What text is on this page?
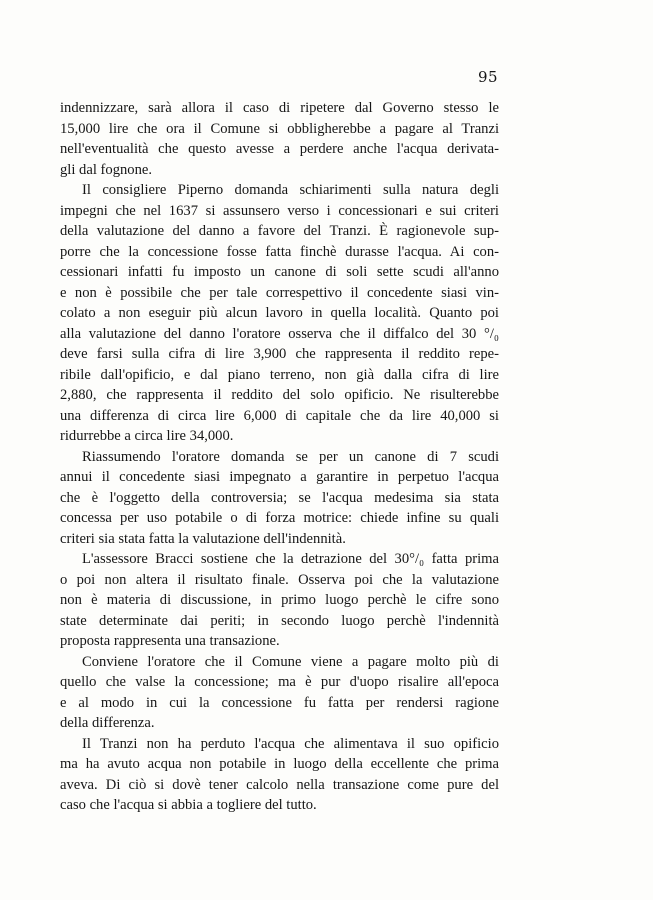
95

indennizzare, sarà allora il caso di ripetere dal Governo stesso le
15,000 lire che ora il Comune si obbligherebbe a pagare al Tranzi
nell'eventualità che questo avesse a perdere anche l'acqua derivata-
gli dal fognone.

Il consigliere Piperno domanda schiarimenti sulla natura degli
impegni che nel 1637 si assunsero verso i concessionari e sui criteri
della valutazione del danno a favore del Tranzi. È ragionevole sup-
porre che la concessione fosse fatta finchè durasse l'acqua. Ai con-
cessionari infatti fu imposto un canone di soli sette scudi all'anno
e non è possibile che per tale correspettivo il concedente siasi vin-
colato a non eseguir più alcun lavoro in quella località. Quanto poi
alla valutazione del danno l'oratore osserva che il diffalco del 30 °/₀
deve farsi sulla cifra di lire 3,900 che rappresenta il reddito repe-
ribile dall'opificio, e dal piano terreno, non già dalla cifra di lire
2,880, che rappresenta il reddito del solo opificio. Ne risulterebbe
una differenza di circa lire 6,000 di capitale che da lire 40,000 si
ridurrebbe a circa lire 34,000.

Riassumendo l'oratore domanda se per un canone di 7 scudi
annui il concedente siasi impegnato a garantire in perpetuo l'acqua
che è l'oggetto della controversia; se l'acqua medesima sia stata
concessa per uso potabile o di forza motrice: chiede infine su quali
criteri sia stata fatta la valutazione dell'indennità.

L'assessore Bracci sostiene che la detrazione del 30°/₀ fatta prima
o poi non altera il risultato finale. Osserva poi che la valutazione
non è materia di discussione, in primo luogo perchè le cifre sono
state determinate dai periti; in secondo luogo perchè l'indennità
proposta rappresenta una transazione.

Conviene l'oratore che il Comune viene a pagare molto più di
quello che valse la concessione; ma è pur d'uopo risalire all'epoca
e al modo in cui la concessione fu fatta per rendersi ragione
della differenza.

Il Tranzi non ha perduto l'acqua che alimentava il suo opificio
ma ha avuto acqua non potabile in luogo della eccellente che prima
aveva. Di ciò si dovè tener calcolo nella transazione come pure del
caso che l'acqua si abbia a togliere del tutto.
